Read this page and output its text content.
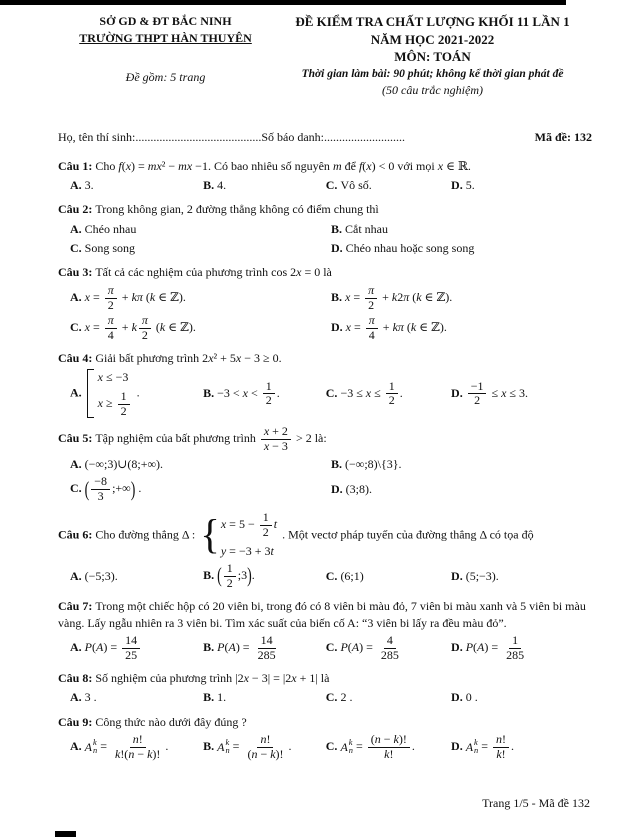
SỞ GD & ĐT BẮC NINH
TRƯỜNG THPT HÀN THUYÊN
Đề gồm: 5 trang
ĐỀ KIỂM TRA CHẤT LƯỢNG KHỐI 11 LẦN 1
NĂM HỌC 2021-2022
MÔN: TOÁN
Thời gian làm bài: 90 phút; không kể thời gian phát đề
(50 câu trắc nghiệm)
Họ, tên thí sinh: .......................................... Số báo danh: ...........................	Mã đề: 132

Câu 1: Cho f(x) = mx² − mx −1. Có bao nhiêu số nguyên m để f(x) < 0 với mọi x ∈ ℝ.

A. 3.	B. 4.	C. Vô số.	D. 5.

Câu 2: Trong không gian, 2 đường thẳng không có điểm chung thì

A. Chéo nhau	B. Cắt nhau
C. Song song	D. Chéo nhau hoặc song song

Câu 3: Tất cả các nghiệm của phương trình cos 2x = 0 là

A. $x = \frac{\pi}{2} + k\pi$ (k ∈ ℤ).	B. $x = \frac{\pi}{2} + k2\pi$ (k ∈ ℤ).
C. $x = \frac{\pi}{4} + k \frac{\pi}{2} (k$ ∈ ℤ).	D. $x = \frac{\pi}{4} + k\pi$ (k ∈ ℤ).

Câu 4: Giải bất phương trình 2x² + 5x − 3 ≥ 0.

A.
x ≤ −3
$x \ge \frac{1}{2}$ .	B. $-3 < x < \frac{1}{2}$ .	C. $-3 \le x \le \frac{1}{2}$ .	D. $\frac{-1}{2} \le x \le 3$.

Câu 5: Tập nghiệm của bất phương trình $\frac{x + 2}{x - 3} > 2$ là:

A. (−∞;3)∪(8;+∞).	B. (−∞;8)\{3}.
C. ( $\frac{-8}{3}$ ;+∞) .	D. (3;8).

Câu 6: Cho đường thẳng Δ : { $x = 5 - \frac{1}{2}$ t
y = −3 + 3t
. Một vectơ pháp tuyến của đường thẳng Δ có tọa độ

A. (−5;3).	B. ( $\frac{1}{2}$ ;3).	C. (6;1)	D. (5;−3).

Câu 7: Trong một chiếc hộp có 20 viên bi, trong đó có 8 viên bi màu đỏ, 7 viên bi màu xanh và 5 viên bi màu vàng. Lấy ngẫu nhiên ra 3 viên bi. Tìm xác suất của biến cố A: “3 viên bi lấy ra đều màu đỏ”.

A. $P(A) = \frac{14}{25}$	B. $P(A) = \frac{14}{285}$	C. $P(A) = \frac{4}{285}$	D. $P(A) = \frac{1}{285}$

Câu 8: Số nghiệm của phương trình |2x − 3| = |2x + 1| là

A. 3 .	B. 1.	C. 2 .	D. 0 .

Câu 9: Công thức nào dưới đây đúng ?

A. A k
$n = \frac{n!}{k!(n - k)!}$ .	B. A k
$n = \frac{n!}{(n - k)!}$ .	C. A k
$n = \frac{(n - k)!}{k!}$ .	D. A k
$n = \frac{n!}{k!}$ .
Trang 1/5 - Mã đề 132
